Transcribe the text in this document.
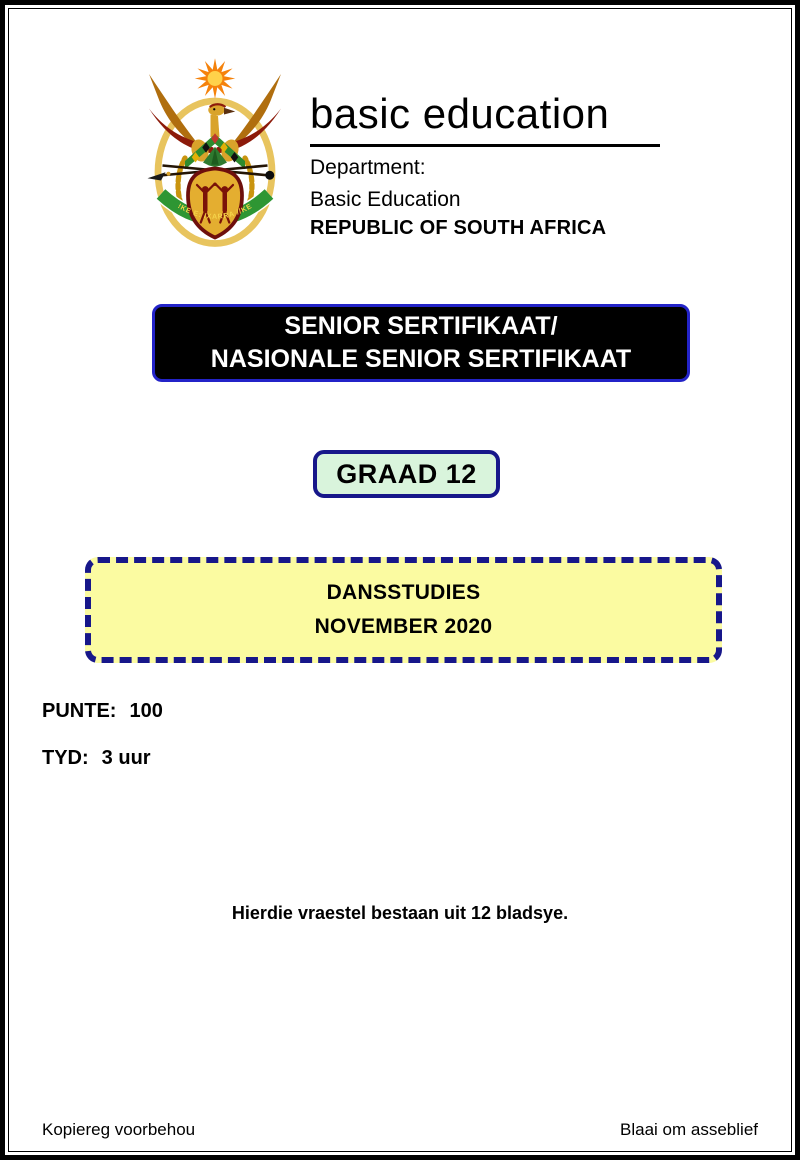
!KE E: /XARRA //KE
basic education
Department:
Basic Education
REPUBLIC OF SOUTH AFRICA
SENIOR SERTIFIKAAT/
NASIONALE SENIOR SERTIFIKAAT
GRAAD 12
DANSSTUDIES
NOVEMBER 2020
PUNTE: 100
TYD: 3 uur
Hierdie vraestel bestaan uit 12 bladsye.
Kopiereg voorbehou	Blaai om asseblief
